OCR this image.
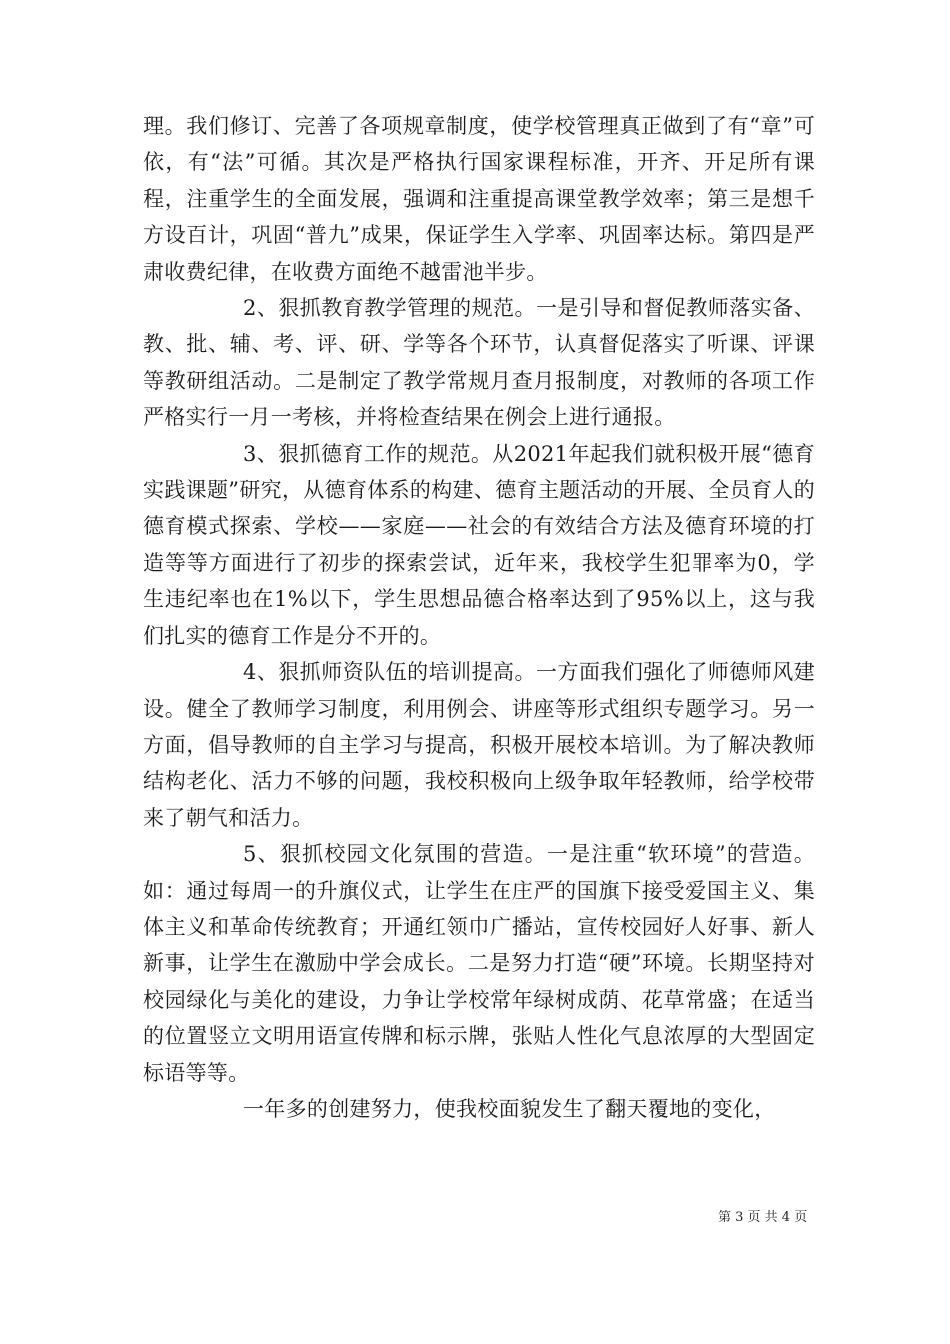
理。我们修订、完善了各项规章制度，使学校管理真正做到了有“章”可依，有“法”可循。其次是严格执行国家课程标准，开齐、开足所有课程，注重学生的全面发展，强调和注重提高课堂教学效率；第三是想千方设百计，巩固“普九”成果，保证学生入学率、巩固率达标。第四是严肃收费纪律，在收费方面绝不越雷池半步。

2、狠抓教育教学管理的规范。一是引导和督促教师落实备、教、批、辅、考、评、研、学等各个环节，认真督促落实了听课、评课等教研组活动。二是制定了教学常规月查月报制度，对教师的各项工作严格实行一月一考核，并将检查结果在例会上进行通报。

3、狠抓德育工作的规范。从2021年起我们就积极开展“德育实践课题”研究，从德育体系的构建、德育主题活动的开展、全员育人的德育模式探索、学校——家庭——社会的有效结合方法及德育环境的打造等等方面进行了初步的探索尝试，近年来，我校学生犯罪率为0，学生违纪率也在1%以下，学生思想品德合格率达到了95%以上，这与我们扎实的德育工作是分不开的。

4、狠抓师资队伍的培训提高。一方面我们强化了师德师风建设。健全了教师学习制度，利用例会、讲座等形式组织专题学习。另一方面，倡导教师的自主学习与提高，积极开展校本培训。为了解决教师结构老化、活力不够的问题，我校积极向上级争取年轻教师，给学校带来了朝气和活力。

5、狠抓校园文化氛围的营造。一是注重“软环境”的营造。如：通过每周一的升旗仪式，让学生在庄严的国旗下接受爱国主义、集体主义和革命传统教育；开通红领巾广播站，宣传校园好人好事、新人新事，让学生在激励中学会成长。二是努力打造“硬”环境。长期坚持对校园绿化与美化的建设，力争让学校常年绿树成荫、花草常盛；在适当的位置竖立文明用语宣传牌和标示牌，张贴人性化气息浓厚的大型固定标语等等。

一年多的创建努力，使我校面貌发生了翻天覆地的变化，

第 3 页 共 4 页
